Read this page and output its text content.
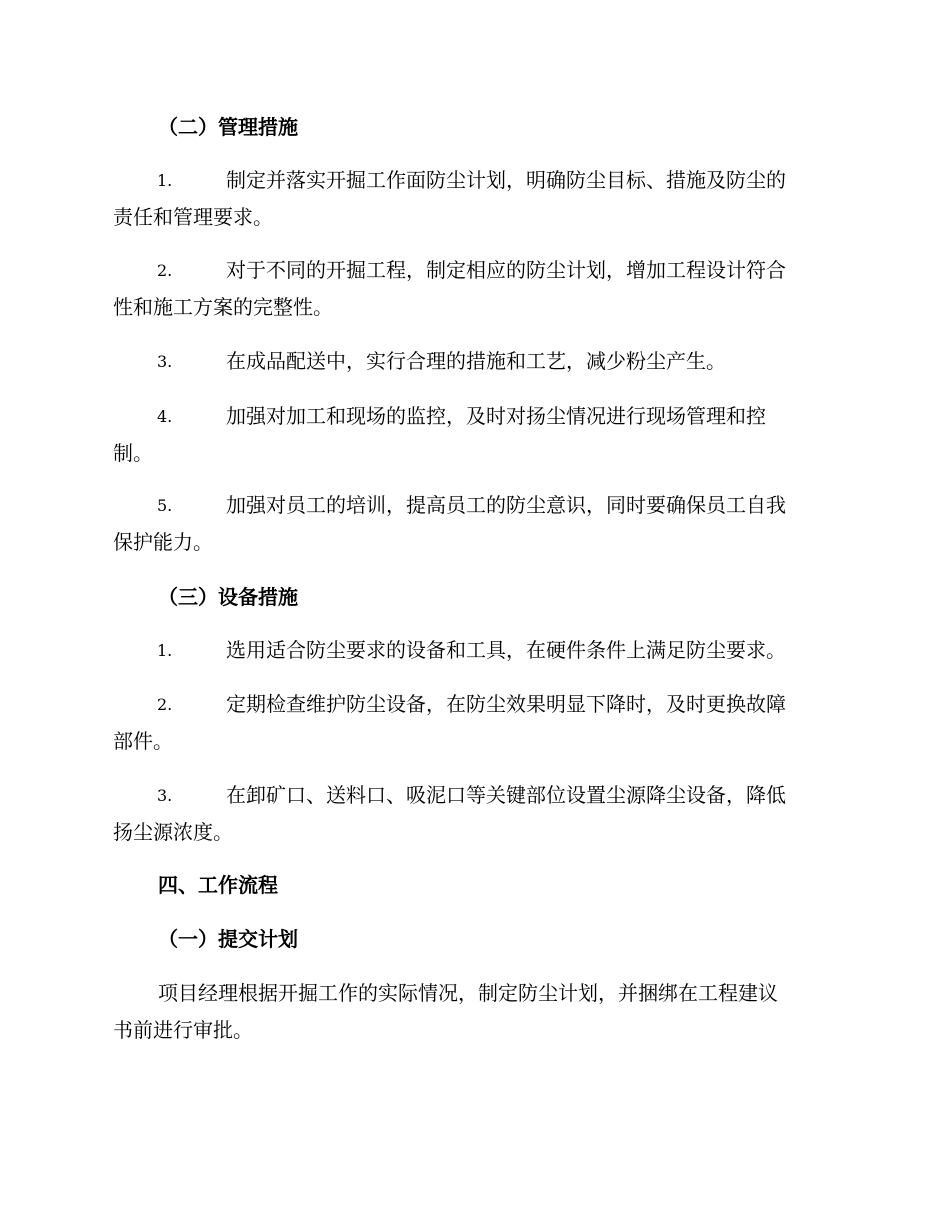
（二）管理措施
1.	制定并落实开掘工作面防尘计划，明确防尘目标、措施及防尘的
责任和管理要求。
2.	对于不同的开掘工程，制定相应的防尘计划，增加工程设计符合
性和施工方案的完整性。
3.	在成品配送中，实行合理的措施和工艺，减少粉尘产生。
4.	加强对加工和现场的监控，及时对扬尘情况进行现场管理和控
制。
5.	加强对员工的培训，提高员工的防尘意识，同时要确保员工自我
保护能力。
（三）设备措施
1.	选用适合防尘要求的设备和工具，在硬件条件上满足防尘要求。
2.	定期检查维护防尘设备，在防尘效果明显下降时，及时更换故障
部件。
3.	在卸矿口、送料口、吸泥口等关键部位设置尘源降尘设备，降低
扬尘源浓度。
四、工作流程
（一）提交计划
项目经理根据开掘工作的实际情况，制定防尘计划，并捆绑在工程建议
书前进行审批。
